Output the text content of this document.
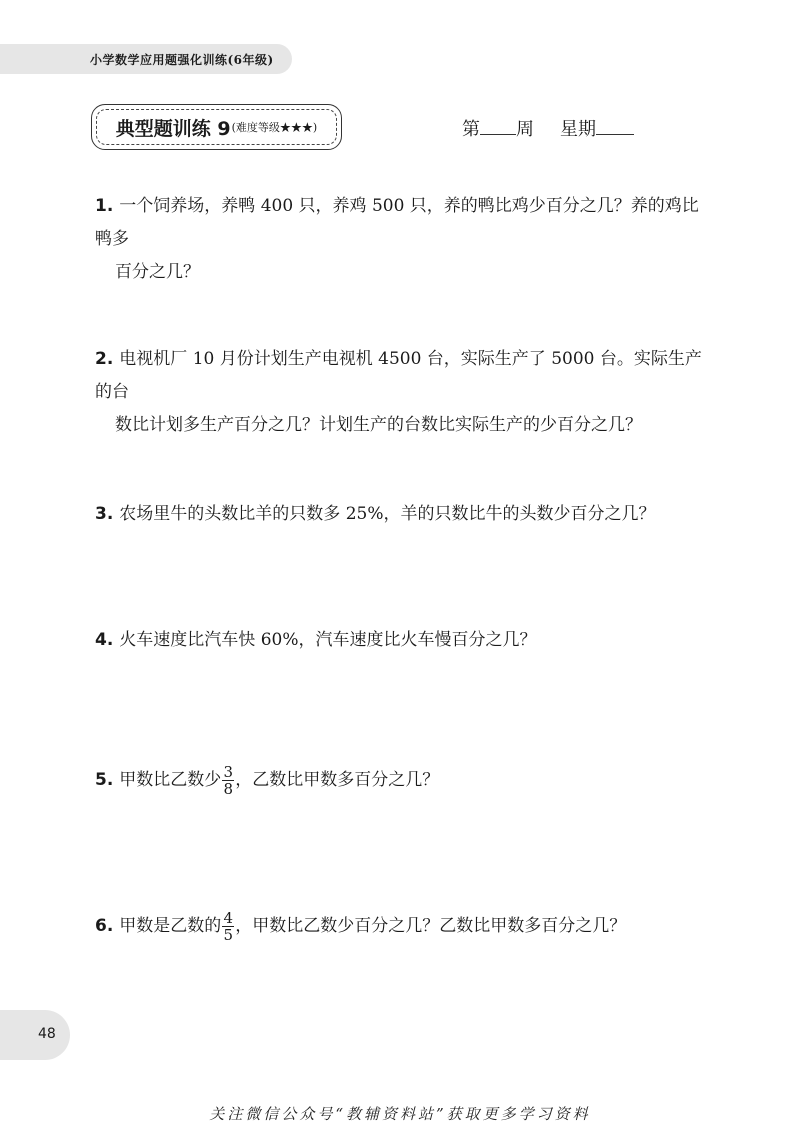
小学数学应用题强化训练(6年级)
典型题训练 9 (难度等级★★★)	第 周 星期
1. 一个饲养场，养鸭 400 只，养鸡 500 只，养的鸭比鸡少百分之几？养的鸡比鸭多
百分之几？
2. 电视机厂 10 月份计划生产电视机 4500 台，实际生产了 5000 台。实际生产的台
数比计划多生产百分之几？计划生产的台数比实际生产的少百分之几？
3. 农场里牛的头数比羊的只数多 25%，羊的只数比牛的头数少百分之几？
4. 火车速度比汽车快 60%，汽车速度比火车慢百分之几？
5. 甲数比乙数少 $\frac{3}{8}$ ，乙数比甲数多百分之几？
6. 甲数是乙数的 $\frac{4}{5}$ ，甲数比乙数少百分之几？乙数比甲数多百分之几？
48
关注微信公众号“教辅资料站”获取更多学习资料
